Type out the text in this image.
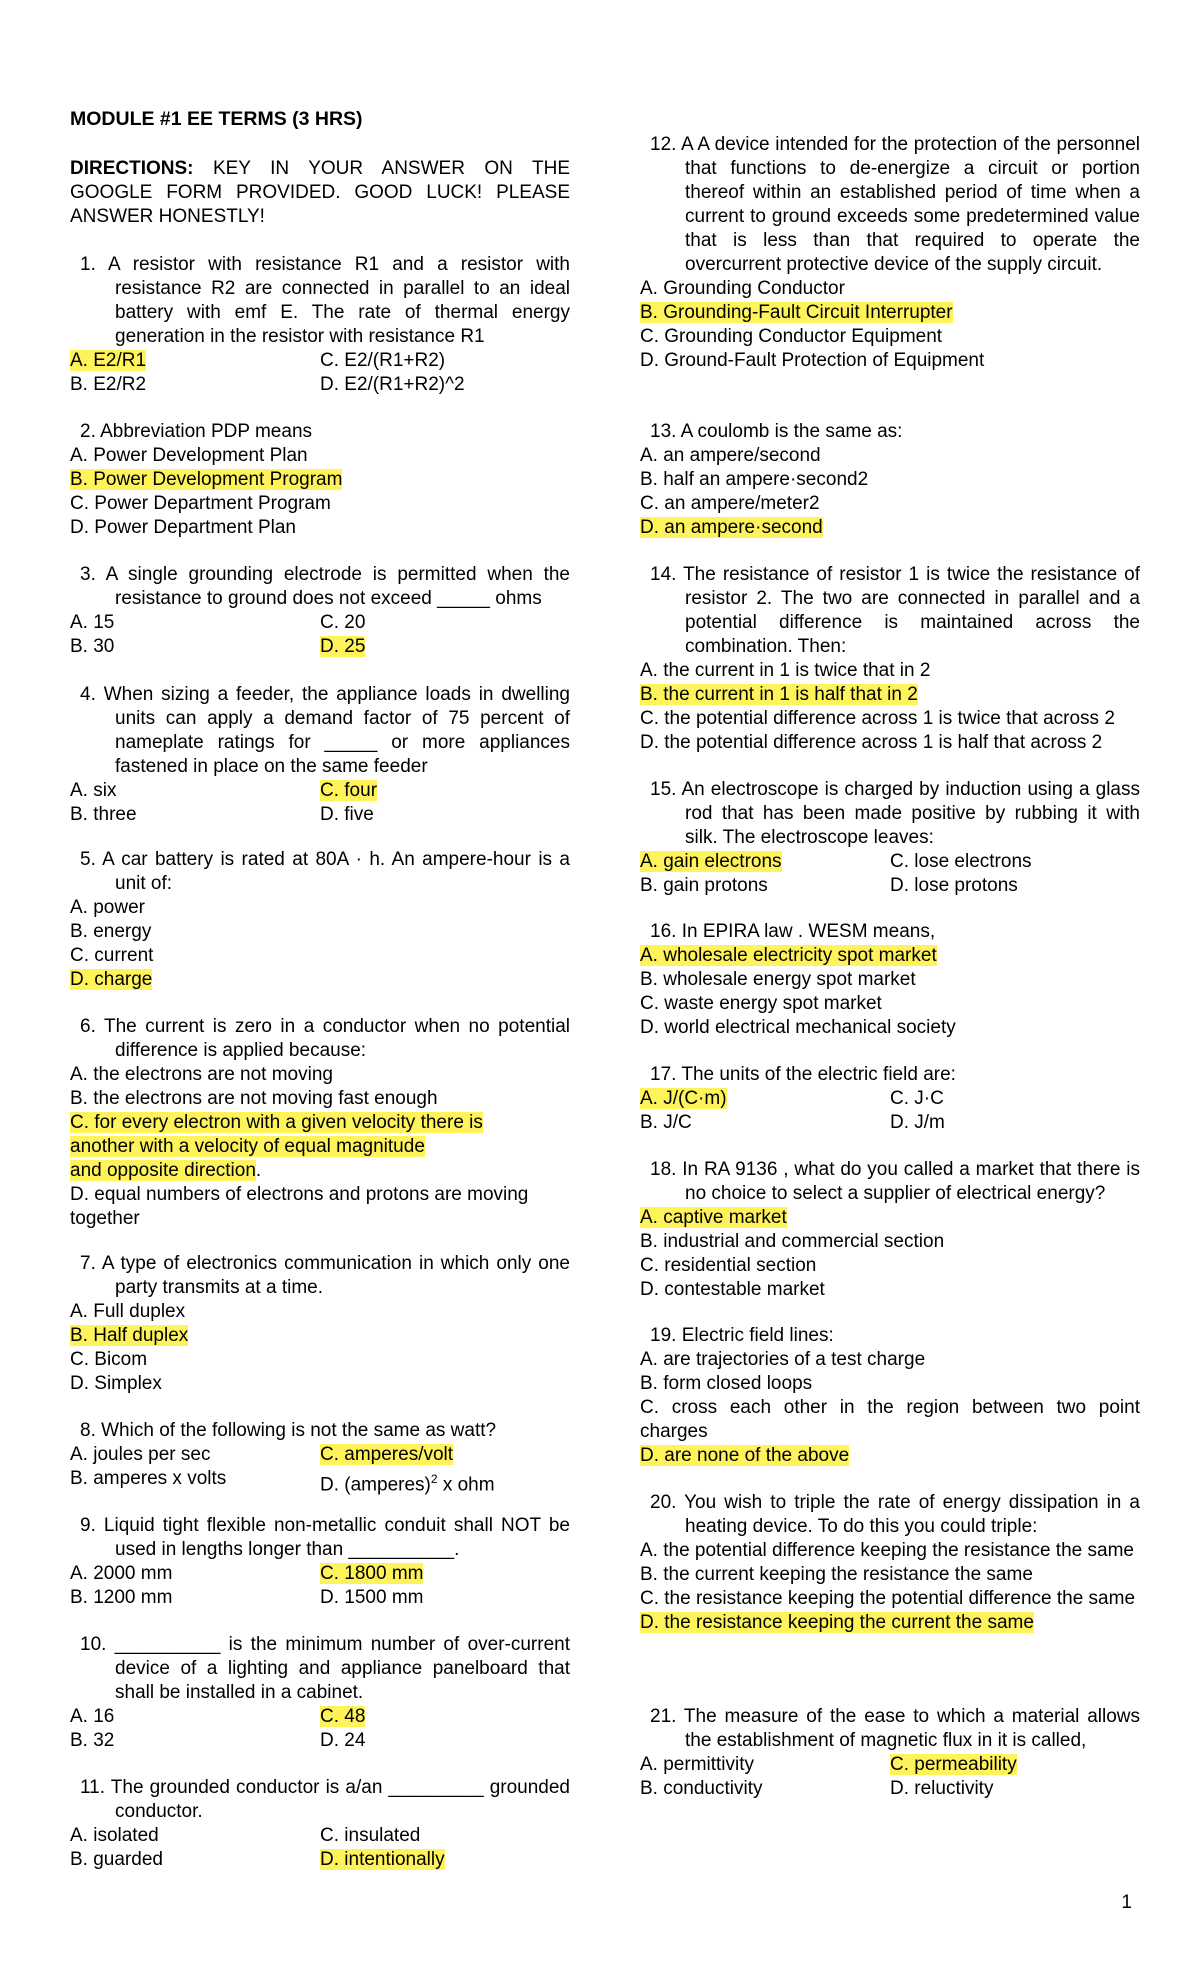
MODULE #1 EE TERMS (3 HRS)
DIRECTIONS: KEY IN YOUR ANSWER ON THE GOOGLE FORM PROVIDED. GOOD LUCK! PLEASE ANSWER HONESTLY!
1. A resistor with resistance R1 and a resistor with resistance R2 are connected in parallel to an ideal battery with emf E. The rate of thermal energy generation in the resistor with resistance R1
A. E2/R1	C. E2/(R1+R2)
B. E2/R2	D. E2/(R1+R2)^2
2. Abbreviation PDP means
A. Power Development Plan
B. Power Development Program
C. Power Department Program
D. Power Department Plan
3. A single grounding electrode is permitted when the resistance to ground does not exceed _____ ohms
A. 15	C. 20
B. 30	D. 25
4. When sizing a feeder, the appliance loads in dwelling units can apply a demand factor of 75 percent of nameplate ratings for _____ or more appliances fastened in place on the same feeder
A. six	C. four
B. three	D. five
5. A car battery is rated at 80A · h. An ampere-hour is a unit of:
A. power
B. energy
C. current
D. charge
6. The current is zero in a conductor when no potential difference is applied because:
A. the electrons are not moving
B. the electrons are not moving fast enough
C. for every electron with a given velocity there is
another with a velocity of equal magnitude
and opposite direction.
D. equal numbers of electrons and protons are moving
together
7. A type of electronics communication in which only one party transmits at a time.
A. Full duplex
B. Half duplex
C. Bicom
D. Simplex
8. Which of the following is not the same as watt?
A. joules per sec	C. amperes/volt
B. amperes x volts	D. (amperes)$^2$ x ohm
9. Liquid tight flexible non-metallic conduit shall NOT be used in lengths longer than __________.
A. 2000 mm	C. 1800 mm
B. 1200 mm	D. 1500 mm
10. __________ is the minimum number of over-current device of a lighting and appliance panelboard that shall be installed in a cabinet.
A. 16	C. 48
B. 32	D. 24
11. The grounded conductor is a/an _________ grounded conductor.
A. isolated	C. insulated
B. guarded	D. intentionally
12. A A device intended for the protection of the personnel that functions to de-energize a circuit or portion thereof within an established period of time when a current to ground exceeds some predetermined value that is less than that required to operate the overcurrent protective device of the supply circuit.
A. Grounding Conductor
B. Grounding-Fault Circuit Interrupter
C. Grounding Conductor Equipment
D. Ground-Fault Protection of Equipment
13. A coulomb is the same as:
A. an ampere/second
B. half an ampere·second2
C. an ampere/meter2
D. an ampere·second
14. The resistance of resistor 1 is twice the resistance of resistor 2. The two are connected in parallel and a potential difference is maintained across the combination. Then:
A. the current in 1 is twice that in 2
B. the current in 1 is half that in 2
C. the potential difference across 1 is twice that across 2
D. the potential difference across 1 is half that across 2
15. An electroscope is charged by induction using a glass rod that has been made positive by rubbing it with silk. The electroscope leaves:
A. gain electrons	C. lose electrons
B. gain protons	D. lose protons
16. In EPIRA law . WESM means,
A. wholesale electricity spot market
B. wholesale energy spot market
C. waste energy spot market
D. world electrical mechanical society
17. The units of the electric field are:
A. J/(C·m)	C. J·C
B. J/C	D. J/m
18. In RA 9136 , what do you called a market that there is no choice to select a supplier of electrical energy?
A. captive market
B. industrial and commercial section
C. residential section
D. contestable market
19. Electric field lines:
A. are trajectories of a test charge
B. form closed loops
C. cross each other in the region between two point charges
D. are none of the above
20. You wish to triple the rate of energy dissipation in a heating device. To do this you could triple:
A. the potential difference keeping the resistance the same
B. the current keeping the resistance the same
C. the resistance keeping the potential difference the same
D. the resistance keeping the current the same
21. The measure of the ease to which a material allows the establishment of magnetic flux in it is called,
A. permittivity	C. permeability
B. conductivity	D. reluctivity
1
